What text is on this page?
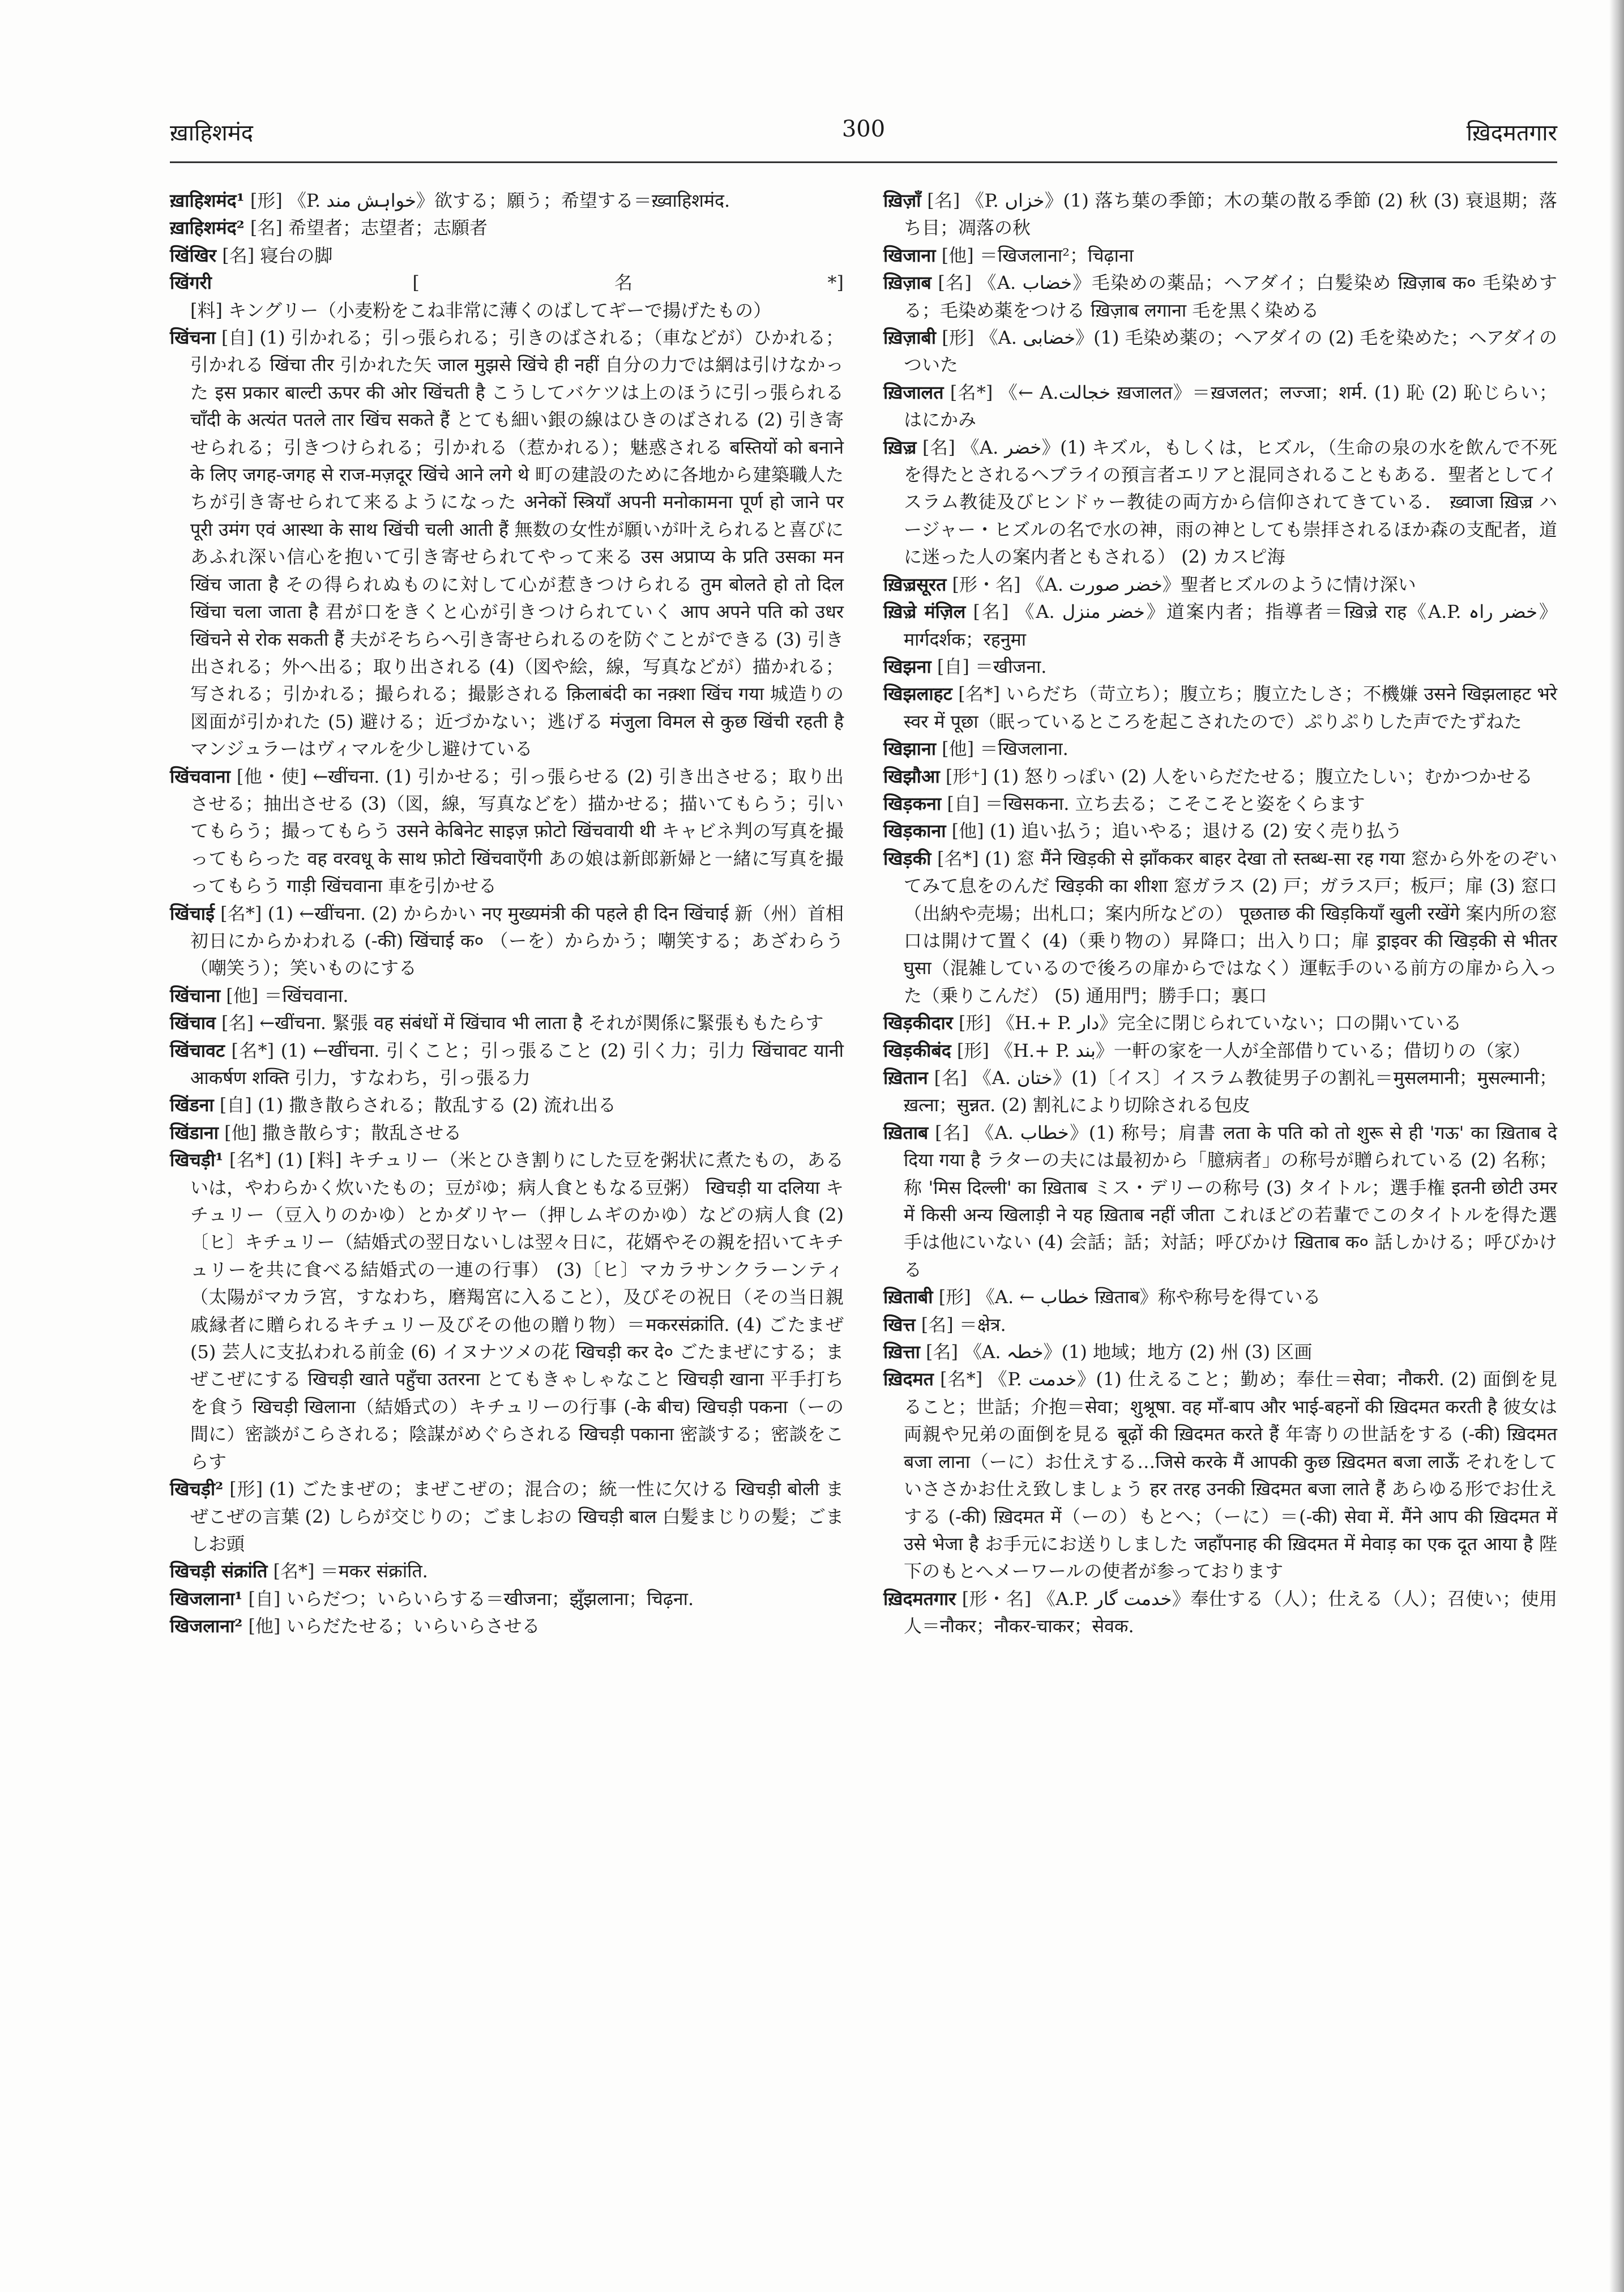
ख़ाहिशमंद	300	ख़िदमतगार

ख़ाहिशमंद¹ [形] 《P. خواہش مند》欲する；願う；希望する＝ख़्वाहिशमंद.

ख़ाहिशमंद² [名] 希望者；志望者；志願者

खिंखिर [名] 寝台の脚

खिंगरी	[名*] [料] キングリー（小麦粉をこね非常に薄くのばしてギーで揚げたもの）

खिंचना [自] (1) 引かれる；引っ張られる；引きのばされる；（車などが）ひかれる；引かれる खिंचा तीर 引かれた矢 जाल मुझसे खिंचे ही नहीं 自分の力では網は引けなかった इस प्रकार बाल्टी ऊपर की ओर खिंचती है こうしてバケツは上のほうに引っ張られる चाँदी के अत्यंत पतले तार खिंच सकते हैं とても細い銀の線はひきのばされる (2) 引き寄せられる；引きつけられる；引かれる（惹かれる）；魅惑される बस्तियों को बनाने के लिए जगह-जगह से राज-मज़दूर खिंचे आने लगे थे 町の建設のために各地から建築職人たちが引き寄せられて来るようになった अनेकों स्त्रियाँ अपनी मनोकामना पूर्ण हो जाने पर पूरी उमंग एवं आस्था के साथ खिंची चली आती हैं 無数の女性が願いが叶えられると喜びにあふれ深い信心を抱いて引き寄せられてやって来る उस अप्राप्य के प्रति उसका मन खिंच जाता है その得られぬものに対して心が惹きつけられる तुम बोलते हो तो दिल खिंचा चला जाता है 君が口をきくと心が引きつけられていく आप अपने पति को उधर खिंचने से रोक सकती हैं 夫がそちらへ引き寄せられるのを防ぐことができる (3) 引き出される；外へ出る；取り出される (4)（図や絵，線，写真などが）描かれる；写される；引かれる；撮られる；撮影される क़िलाबंदी का नक़्शा खिंच गया 城造りの図面が引かれた (5) 避ける；近づかない；逃げる मंजुला विमल से कुछ खिंची रहती है マンジュラーはヴィマルを少し避けている

खिंचवाना [他・使] ←खींचना. (1) 引かせる；引っ張らせる (2) 引き出させる；取り出させる；抽出させる (3)（図，線，写真などを）描かせる；描いてもらう；引いてもらう；撮ってもらう उसने केबिनेट साइज़ फ़ोटो खिंचवायी थी キャビネ判の写真を撮ってもらった वह वरवधू के साथ फ़ोटो खिंचवाएँगी あの娘は新郎新婦と一緒に写真を撮ってもらう गाड़ी खिंचवाना 車を引かせる

खिंचाई [名*] (1) ←खींचना. (2) からかい नए मुख्यमंत्री की पहले ही दिन खिंचाई 新（州）首相初日にからかわれる (-की) खिंचाई क० （ーを）からかう；嘲笑する；あざわらう（嘲笑う）；笑いものにする

खिंचाना [他] ＝खिंचवाना.

खिंचाव [名] ←खींचना. 緊張 वह संबंधों में खिंचाव भी लाता है それが関係に緊張ももたらす

खिंचावट [名*] (1) ←खींचना. 引くこと；引っ張ること (2) 引く力；引力 खिंचावट यानी आकर्षण शक्ति 引力，すなわち，引っ張る力

खिंडना [自] (1) 撒き散らされる；散乱する (2) 流れ出る

खिंडाना [他] 撒き散らす；散乱させる

खिचड़ी¹ [名*] (1) [料] キチュリー（米とひき割りにした豆を粥状に煮たもの，あるいは，やわらかく炊いたもの；豆がゆ；病人食ともなる豆粥） खिचड़ी या दलिया キチュリー（豆入りのかゆ）とかダリヤー（押しムギのかゆ）などの病人食 (2)〔ヒ〕キチュリー（結婚式の翌日ないしは翌々日に，花婿やその親を招いてキチュリーを共に食べる結婚式の一連の行事） (3)〔ヒ〕マカラサンクラーンティ（太陽がマカラ宮，すなわち，磨羯宮に入ること），及びその祝日（その当日親戚縁者に贈られるキチュリー及びその他の贈り物）＝मकरसंक्रांति. (4) ごたまぜ (5) 芸人に支払われる前金 (6) イヌナツメの花 खिचड़ी कर दे० ごたまぜにする；まぜこぜにする खिचड़ी खाते पहुँचा उतरना とてもきゃしゃなこと खिचड़ी खाना 平手打ちを食う खिचड़ी खिलाना（結婚式の）キチュリーの行事 (-के बीच) खिचड़ी पकना（ーの間に）密談がこらされる；陰謀がめぐらされる खिचड़ी पकाना 密談する；密談をこらす

खिचड़ी² [形] (1) ごたまぜの；まぜこぜの；混合の；統一性に欠ける खिचड़ी बोली まぜこぜの言葉 (2) しらが交じりの；ごましおの खिचड़ी बाल 白髪まじりの髪；ごましお頭

खिचड़ी संक्रांति [名*] ＝मकर संक्रांति.

खिजलाना¹ [自] いらだつ；いらいらする＝खीजना；झुँझलाना；चिढ़ना.

खिजलाना² [他] いらだたせる；いらいらさせる

ख़िज़ाँ [名] 《P. خزاں》(1) 落ち葉の季節；木の葉の散る季節 (2) 秋 (3) 衰退期；落ち目；凋落の秋

खिजाना [他] ＝खिजलाना²；चिढ़ाना

ख़िज़ाब [名] 《A. خضاب》毛染めの薬品；ヘアダイ；白髪染め ख़िज़ाब क० 毛染めする；毛染め薬をつける ख़िज़ाब लगाना 毛を黒く染める

ख़िज़ाबी [形] 《A. خضابی》(1) 毛染め薬の；ヘアダイの (2) 毛を染めた；ヘアダイのついた

ख़िजालत [名*] 《← A.خجالت ख़जालत》＝ख़जलत；लज्जा；शर्म. (1) 恥 (2) 恥じらい；はにかみ

ख़िज़्र [名] 《A. خضر》(1) キズル，もしくは，ヒズル，（生命の泉の水を飲んで不死を得たとされるヘブライの預言者エリアと混同されることもある．聖者としてイスラム教徒及びヒンドゥー教徒の両方から信仰されてきている． ख़्वाजा ख़िज़्र ハージャー・ヒズルの名で水の神，雨の神としても崇拝されるほか森の支配者，道に迷った人の案内者ともされる） (2) カスピ海

ख़िज़्रसूरत [形・名] 《A. خضر صورت》聖者ヒズルのように情け深い

ख़िज़्रे मंज़िल [名] 《A. خضر منزل》道案内者；指導者＝ख़िज़्रे राह《A.P. خضر راہ》मार्गदर्शक；रहनुमा

खिझना [自] ＝खीजना.

खिझलाहट [名*] いらだち（苛立ち）；腹立ち；腹立たしさ；不機嫌 उसने खिझलाहट भरे स्वर में पूछा（眠っているところを起こされたので）ぷりぷりした声でたずねた

खिझाना [他] ＝खिजलाना.

खिझौआ [形⁺] (1) 怒りっぽい (2) 人をいらだたせる；腹立たしい；むかつかせる

खिड़कना [自] ＝खिसकना. 立ち去る；こそこそと姿をくらます

खिड़काना [他] (1) 追い払う；追いやる；退ける (2) 安く売り払う

खिड़की [名*] (1) 窓 मैंने खिड़की से झाँककर बाहर देखा तो स्तब्ध-सा रह गया 窓から外をのぞいてみて息をのんだ खिड़की का शीशा 窓ガラス (2) 戸；ガラス戸；板戸；扉 (3) 窓口（出納や売場；出札口；案内所などの） पूछताछ की खिड़कियाँ खुली रखेंगे 案内所の窓口は開けて置く (4)（乗り物の）昇降口；出入り口；扉 ड्राइवर की खिड़की से भीतर घुसा（混雑しているので後ろの扉からではなく）運転手のいる前方の扉から入った（乗りこんだ） (5) 通用門；勝手口；裏口

खिड़कीदार [形] 《H.+ P. دار》完全に閉じられていない；口の開いている

खिड़कीबंद [形] 《H.+ P. بند》一軒の家を一人が全部借りている；借切りの（家）

ख़ितान [名] 《A. ختان》(1)〔イス〕イスラム教徒男子の割礼＝मुसलमानी；मुसल्मानी；ख़त्ना；सुन्नत. (2) 割礼により切除される包皮

ख़िताब [名] 《A. خطاب》(1) 称号；肩書 लता के पति को तो शुरू से ही 'गऊ' का ख़िताब दे दिया गया है ラターの夫には最初から「臆病者」の称号が贈られている (2) 名称；称 'मिस दिल्ली' का ख़िताब ミス・デリーの称号 (3) タイトル；選手権 इतनी छोटी उमर में किसी अन्य खिलाड़ी ने यह ख़िताब नहीं जीता これほどの若輩でこのタイトルを得た選手は他にいない (4) 会話；話；対話；呼びかけ ख़िताब क० 話しかける；呼びかける

ख़िताबी [形] 《A. ← خطاب ख़िताब》称や称号を得ている

खित्त [名] ＝क्षेत्र.

ख़ित्ता [名] 《A. خطہ》(1) 地域；地方 (2) 州 (3) 区画

ख़िदमत [名*] 《P. خدمت》(1) 仕えること；勤め；奉仕＝सेवा；नौकरी. (2) 面倒を見ること；世話；介抱＝सेवा；शुश्रूषा. वह माँ-बाप और भाई-बहनों की ख़िदमत करती है 彼女は両親や兄弟の面倒を見る बूढ़ों की ख़िदमत करते हैं 年寄りの世話をする (-की) ख़िदमत बजा लाना（ーに）お仕えする…जिसे करके मैं आपकी कुछ ख़िदमत बजा लाऊँ それをしていささかお仕え致しましょう हर तरह उनकी ख़िदमत बजा लाते हैं あらゆる形でお仕えする (-की) ख़िदमत में（ーの）もとへ；（ーに）＝(-की) सेवा में. मैंने आप की ख़िदमत में उसे भेजा है お手元にお送りしました जहाँपनाह की ख़िदमत में मेवाड़ का एक दूत आया है 陛下のもとへメーワールの使者が参っております

ख़िदमतगार [形・名] 《A.P. خدمت گار》奉仕する（人）；仕える（人）；召使い；使用人＝नौकर；नौकर-चाकर；सेवक.
